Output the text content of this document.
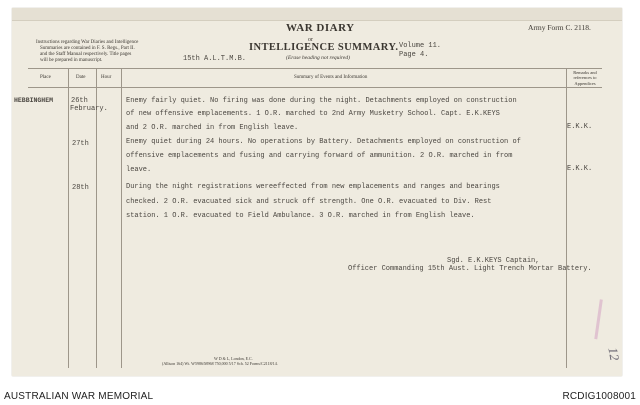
Army Form C. 2118.
WAR DIARY
or
INTELLIGENCE SUMMARY.
(Erase heading not required)
Instructions regarding War Diaries and Intelligence
Summaries are contained in F. S. Regs., Part II.
and the Staff Manual respectively. Title pages
will be prepared in manuscript.	15th A.L.T.M.B.
Volume 11.
Page 4.
Place	Date	Hour	Summary of Events and Information
Remarks and references to Appendices
HEBBINGHEM	26th
February.
Enemy fairly quiet. No firing was done during the night. Detachments employed on construction
of new offensive emplacements. 1 O.R. marched to 2nd Army Musketry School. Capt. E.K.KEYS
and 2 O.R. marched in from English leave.	E.K.K.
27th	Enemy quiet during 24 hours. No operations by Battery. Detachments employed on construction of
offensive emplacements and fusing and carrying forward of ammunition. 2 O.R. marched in from
leave.	E.K.K.
28th	During the night registrations wereeffected from new emplacements and ranges and bearings
checked. 2 O.R. evacuated sick and struck off strength. One O.R. evacuated to Div. Rest
station. 1 O.R. evacuated to Field Ambulance. 3 O.R. marched in from English leave.
Sgd. E.K.KEYS Captain,
Officer Commanding 15th Aust. Light Trench Mortar Battery.
W D & L, London, E.C.
(Allison 164) Wt. W5986/M968 750,000 5/17 Sch. 52 Forms/C2118/14.
12
AUSTRALIAN WAR MEMORIAL	RCDIG1008001
